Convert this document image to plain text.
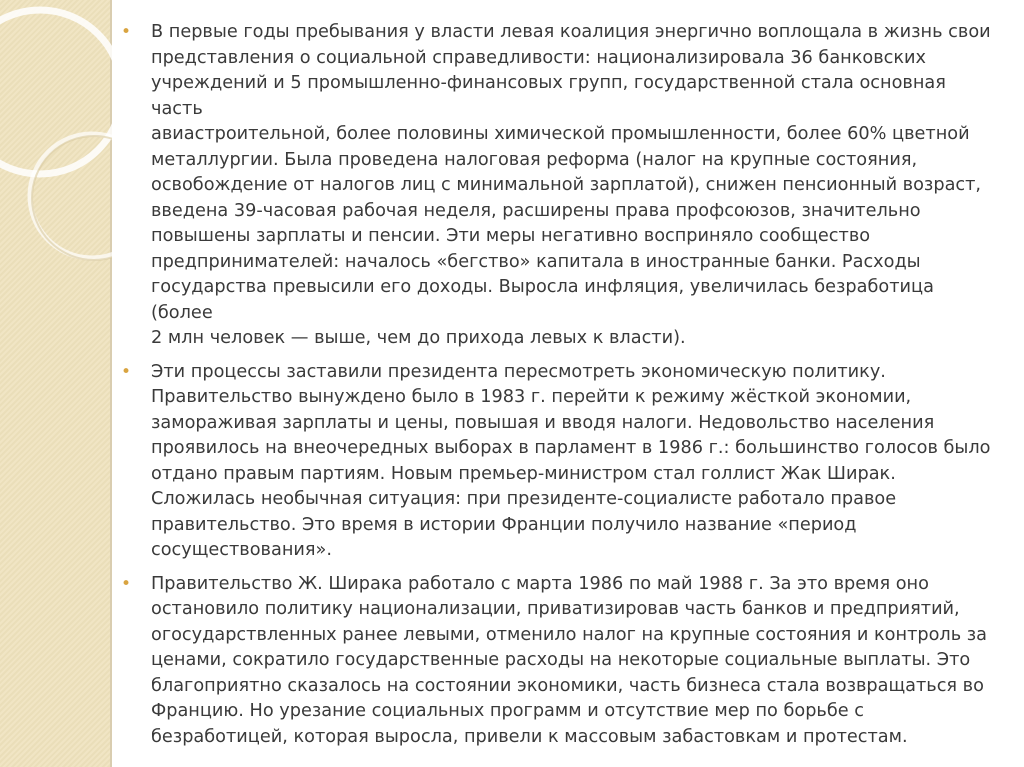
• В первые годы пребывания у власти левая коалиция энергично воплощала в жизнь свои
представления о социальной справедливости: национализировала 36 банковских
учреждений и 5 промышленно-финансовых групп, государственной стала основная часть
авиастроительной, более половины химической промышленности, более 60% цветной
металлургии. Была проведена налоговая реформа (налог на крупные состояния,
освобождение от налогов лиц с минимальной зарплатой), снижен пенсионный возраст,
введена 39-часовая рабочая неделя, расширены права профсоюзов, значительно
повышены зарплаты и пенсии. Эти меры негативно восприняло сообщество
предпринимателей: началось «бегство» капитала в иностранные банки. Расходы
государства превысили его доходы. Выросла инфляция, увеличилась безработица (более
2 млн человек — выше, чем до прихода левых к власти).
• Эти процессы заставили президента пересмотреть экономическую политику.
Правительство вынуждено было в 1983 г. перейти к режиму жёсткой экономии,
замораживая зарплаты и цены, повышая и вводя налоги. Недовольство населения
проявилось на внеочередных выборах в парламент в 1986 г.: большинство голосов было
отдано правым партиям. Новым премьер-министром стал голлист Жак Ширак.
Сложилась необычная ситуация: при президенте-социалисте работало правое
правительство. Это время в истории Франции получило название «период
сосуществования».
• Правительство Ж. Ширака работало с марта 1986 по май 1988 г. За это время оно
остановило политику национализации, приватизировав часть банков и предприятий,
огосударствленных ранее левыми, отменило налог на крупные состояния и контроль за
ценами, сократило государственные расходы на некоторые социальные выплаты. Это
благоприятно сказалось на состоянии экономики, часть бизнеса стала возвращаться во
Францию. Но урезание социальных программ и отсутствие мер по борьбе с
безработицей, которая выросла, привели к массовым забастовкам и протестам.
